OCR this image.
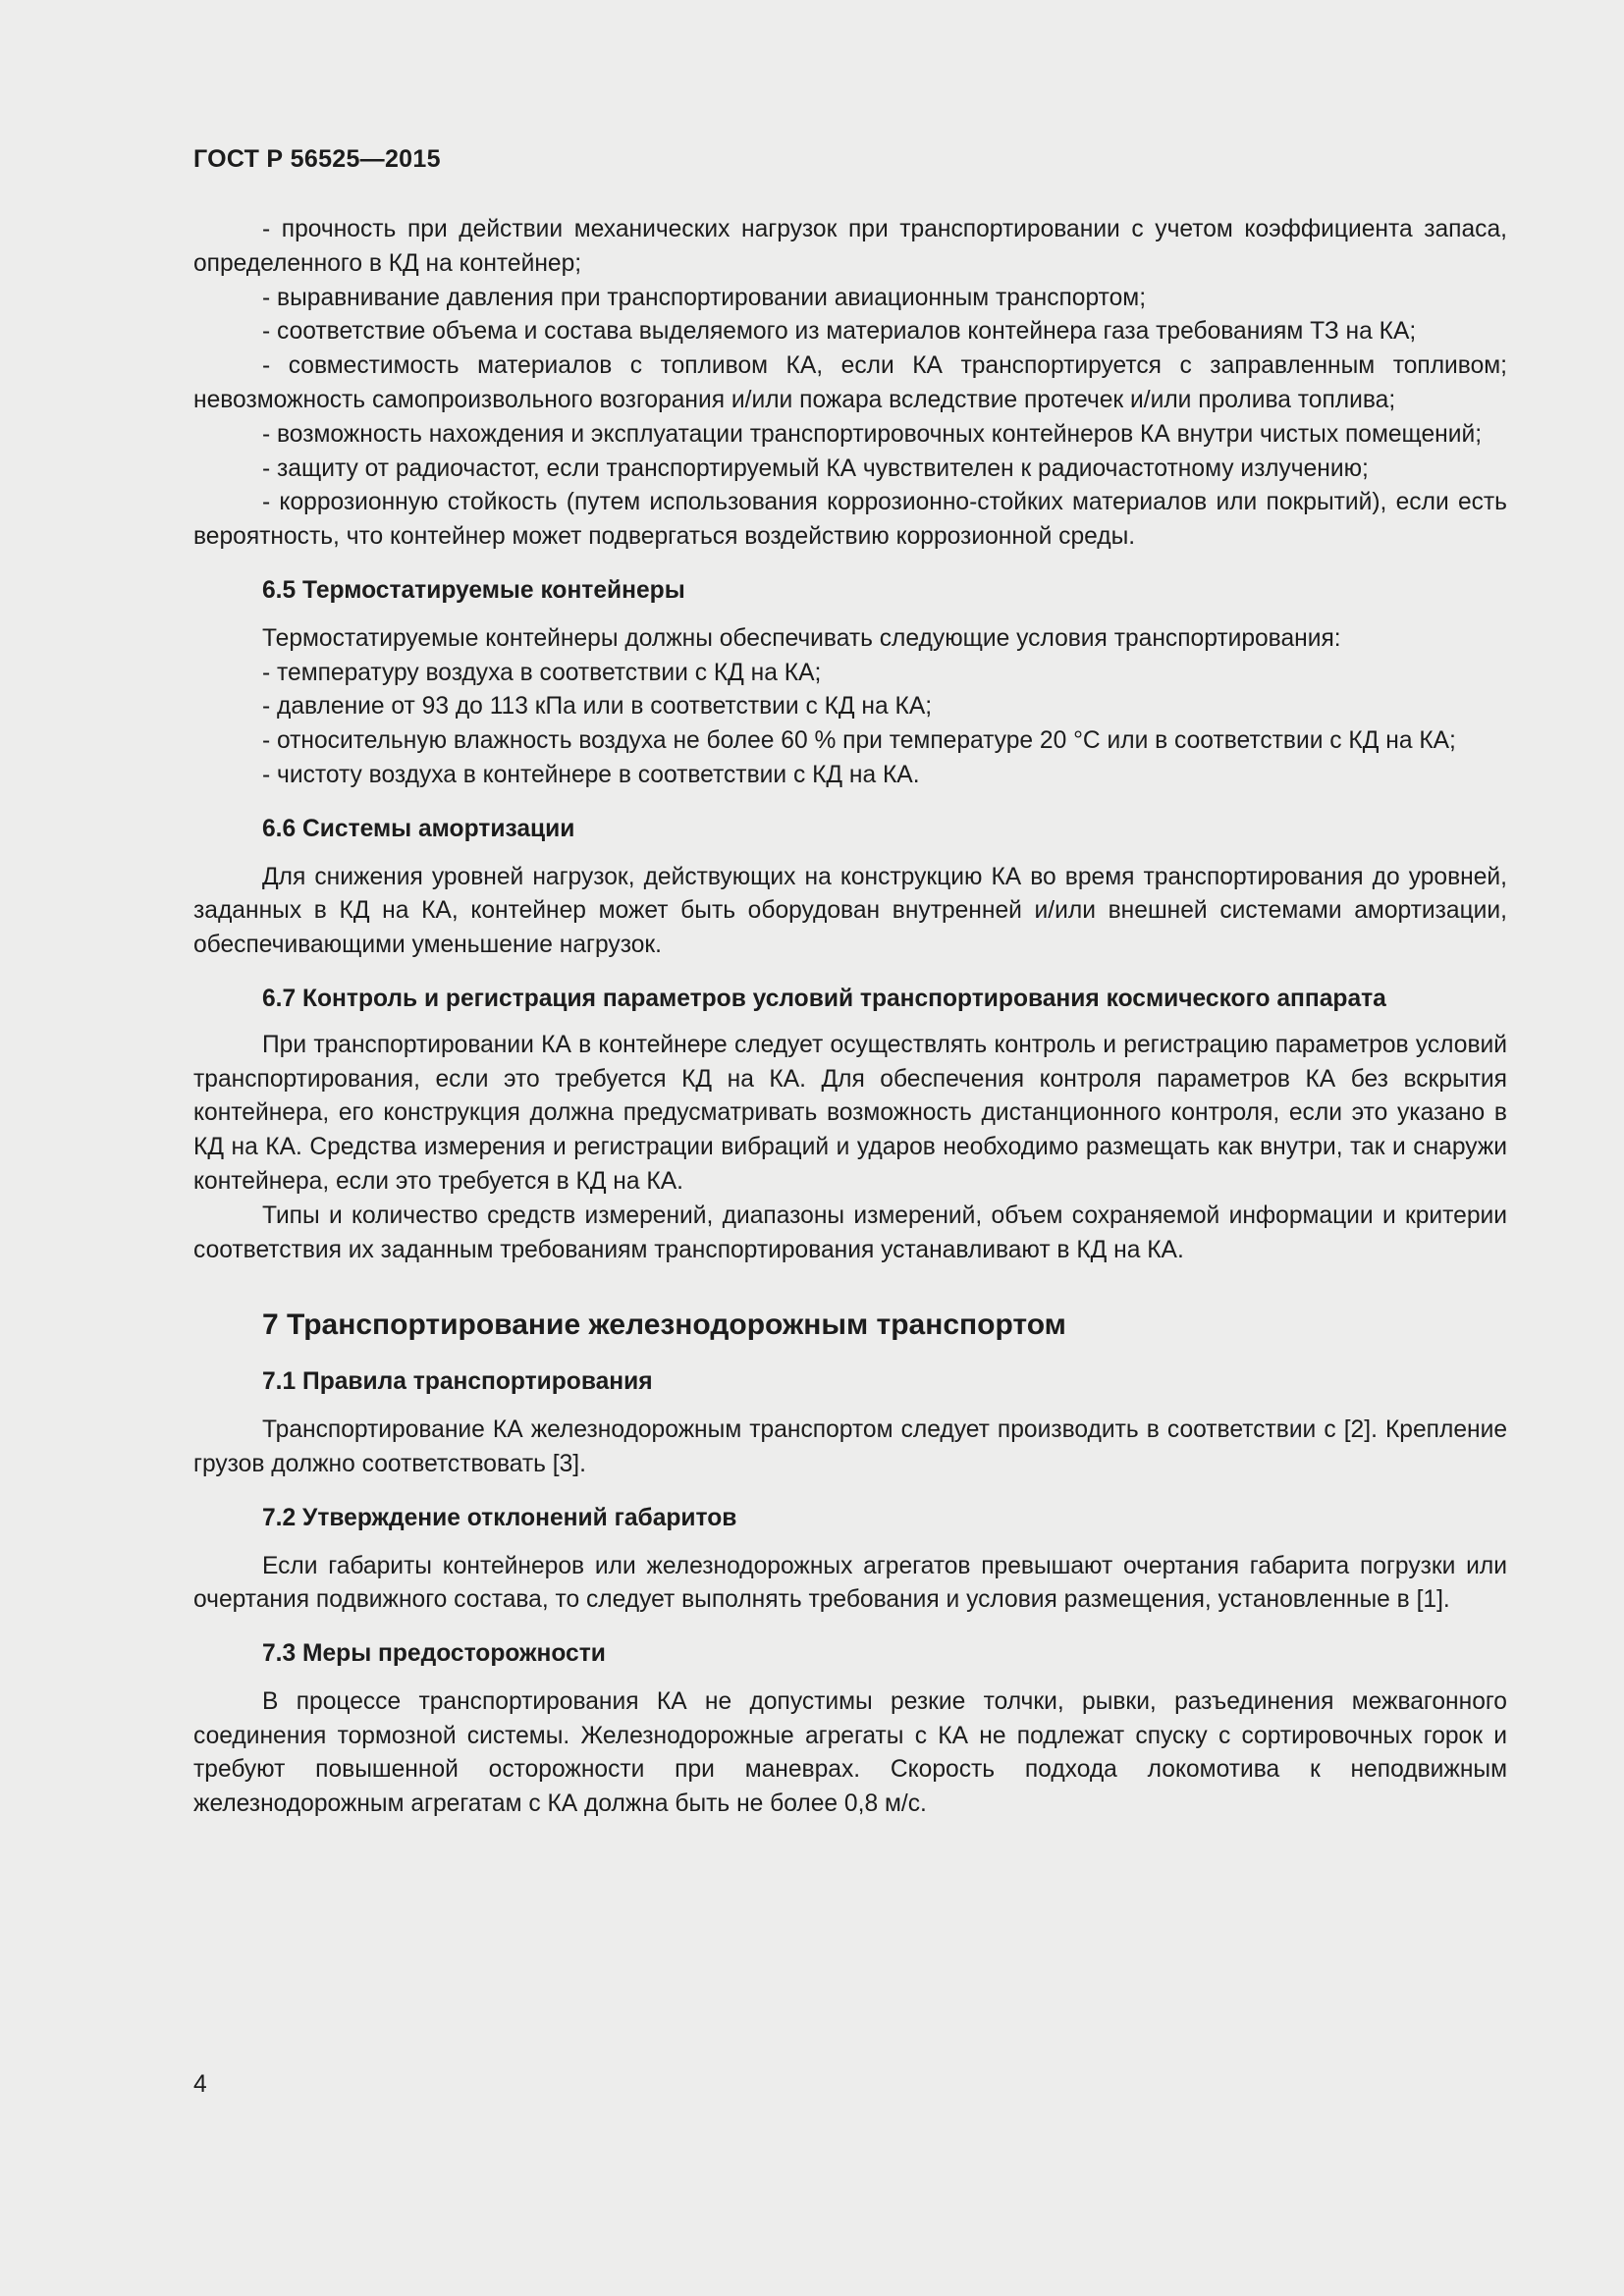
ГОСТ Р 56525—2015

- прочность при действии механических нагрузок при транспортировании с учетом коэффициента запаса, определенного в КД на контейнер;

- выравнивание давления при транспортировании авиационным транспортом;

- соответствие объема и состава выделяемого из материалов контейнера газа требованиям ТЗ на КА;

- совместимость материалов с топливом КА, если КА транспортируется с заправленным топливом; невозможность самопроизвольного возгорания и/или пожара вследствие протечек и/или пролива топлива;

- возможность нахождения и эксплуатации транспортировочных контейнеров КА внутри чистых помещений;

- защиту от радиочастот, если транспортируемый КА чувствителен к радиочастотному излучению;

- коррозионную стойкость (путем использования коррозионно-стойких материалов или покрытий), если есть вероятность, что контейнер может подвергаться воздействию коррозионной среды.

6.5 Термостатируемые контейнеры

Термостатируемые контейнеры должны обеспечивать следующие условия транспортирования:

- температуру воздуха в соответствии с КД на КА;

- давление от 93 до 113 кПа или в соответствии с КД на КА;

- относительную влажность воздуха не более 60 % при температуре 20 °С или в соответствии с КД на КА;

- чистоту воздуха в контейнере в соответствии с КД на КА.

6.6 Системы амортизации

Для снижения уровней нагрузок, действующих на конструкцию КА во время транспортирования до уровней, заданных в КД на КА, контейнер может быть оборудован внутренней и/или внешней системами амортизации, обеспечивающими уменьшение нагрузок.

6.7 Контроль и регистрация параметров условий транспортирования космического аппарата

При транспортировании КА в контейнере следует осуществлять контроль и регистрацию параметров условий транспортирования, если это требуется КД на КА. Для обеспечения контроля параметров КА без вскрытия контейнера, его конструкция должна предусматривать возможность дистанционного контроля, если это указано в КД на КА. Средства измерения и регистрации вибраций и ударов необходимо размещать как внутри, так и снаружи контейнера, если это требуется в КД на КА.

Типы и количество средств измерений, диапазоны измерений, объем сохраняемой информации и критерии соответствия их заданным требованиям транспортирования устанавливают в КД на КА.

7 Транспортирование железнодорожным транспортом
7.1 Правила транспортирования

Транспортирование КА железнодорожным транспортом следует производить в соответствии с [2]. Крепление грузов должно соответствовать [3].

7.2 Утверждение отклонений габаритов

Если габариты контейнеров или железнодорожных агрегатов превышают очертания габарита погрузки или очертания подвижного состава, то следует выполнять требования и условия размещения, установленные в [1].

7.3 Меры предосторожности

В процессе транспортирования КА не допустимы резкие толчки, рывки, разъединения межвагонного соединения тормозной системы. Железнодорожные агрегаты с КА не подлежат спуску с сортировочных горок и требуют повышенной осторожности при маневрах. Скорость подхода локомотива к неподвижным железнодорожным агрегатам с КА должна быть не более 0,8 м/с.

4
